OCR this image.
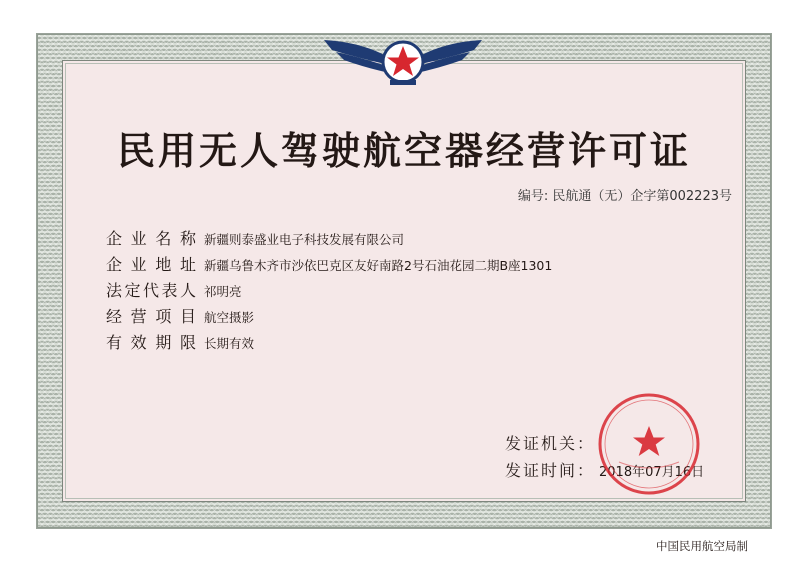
民用无人驾驶航空器经营许可证
编号: 民航通（无）企字第002223号
企业名称 新疆则泰盛业电子科技发展有限公司
企业地址 新疆乌鲁木齐市沙依巴克区友好南路2号石油花园二期B座1301
法定代表人 祁明亮
经营项目 航空摄影
有效期限 长期有效
发证机关：
发证时间： 2018年07月16日
中国民用航空局制
